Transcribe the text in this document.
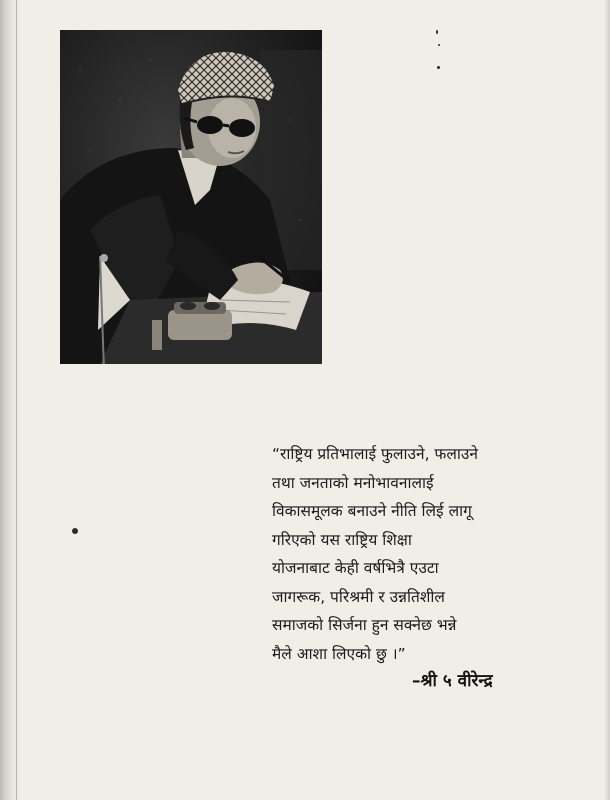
“राष्ट्रिय प्रतिभालाई फुलाउने, फलाउने
तथा जनताको मनोभावनालाई
विकासमूलक बनाउने नीति लिई लागू
गरिएको यस राष्ट्रिय शिक्षा
योजनाबाट केही वर्षभित्रै एउटा
जागरूक, परिश्रमी र उन्नतिशील
समाजको सिर्जना हुन सक्नेछ भन्ने
मैले आशा लिएको छु ।”
–श्री ५ वीरेन्द्र
